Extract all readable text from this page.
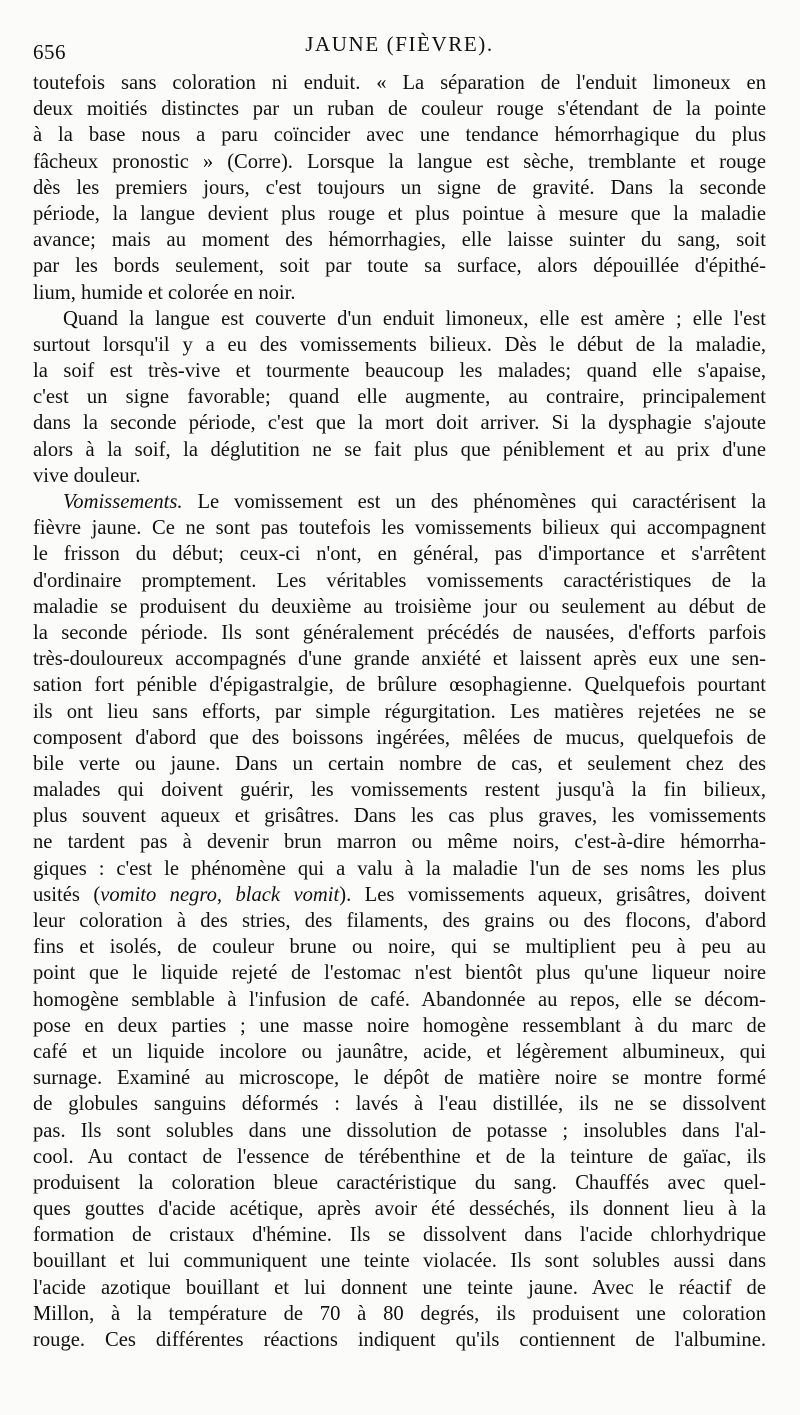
656	JAUNE (FIÈVRE).
toutefois sans coloration ni enduit. « La séparation de l'enduit limoneux en
deux moitiés distinctes par un ruban de couleur rouge s'étendant de la pointe
à la base nous a paru coïncider avec une tendance hémorrhagique du plus
fâcheux pronostic » (Corre). Lorsque la langue est sèche, tremblante et rouge
dès les premiers jours, c'est toujours un signe de gravité. Dans la seconde
période, la langue devient plus rouge et plus pointue à mesure que la maladie
avance; mais au moment des hémorrhagies, elle laisse suinter du sang, soit
par les bords seulement, soit par toute sa surface, alors dépouillée d'épithé-
lium, humide et colorée en noir.
Quand la langue est couverte d'un enduit limoneux, elle est amère ; elle l'est
surtout lorsqu'il y a eu des vomissements bilieux. Dès le début de la maladie,
la soif est très-vive et tourmente beaucoup les malades; quand elle s'apaise,
c'est un signe favorable; quand elle augmente, au contraire, principalement
dans la seconde période, c'est que la mort doit arriver. Si la dysphagie s'ajoute
alors à la soif, la déglutition ne se fait plus que péniblement et au prix d'une
vive douleur.
Vomissements. Le vomissement est un des phénomènes qui caractérisent la
fièvre jaune. Ce ne sont pas toutefois les vomissements bilieux qui accompagnent
le frisson du début; ceux-ci n'ont, en général, pas d'importance et s'arrêtent
d'ordinaire promptement. Les véritables vomissements caractéristiques de la
maladie se produisent du deuxième au troisième jour ou seulement au début de
la seconde période. Ils sont généralement précédés de nausées, d'efforts parfois
très-douloureux accompagnés d'une grande anxiété et laissent après eux une sen-
sation fort pénible d'épigastralgie, de brûlure œsophagienne. Quelquefois pourtant
ils ont lieu sans efforts, par simple régurgitation. Les matières rejetées ne se
composent d'abord que des boissons ingérées, mêlées de mucus, quelquefois de
bile verte ou jaune. Dans un certain nombre de cas, et seulement chez des
malades qui doivent guérir, les vomissements restent jusqu'à la fin bilieux,
plus souvent aqueux et grisâtres. Dans les cas plus graves, les vomissements
ne tardent pas à devenir brun marron ou même noirs, c'est-à-dire hémorrha-
giques : c'est le phénomène qui a valu à la maladie l'un de ses noms les plus
usités (vomito negro, black vomit). Les vomissements aqueux, grisâtres, doivent
leur coloration à des stries, des filaments, des grains ou des flocons, d'abord
fins et isolés, de couleur brune ou noire, qui se multiplient peu à peu au
point que le liquide rejeté de l'estomac n'est bientôt plus qu'une liqueur noire
homogène semblable à l'infusion de café. Abandonnée au repos, elle se décom-
pose en deux parties ; une masse noire homogène ressemblant à du marc de
café et un liquide incolore ou jaunâtre, acide, et légèrement albumineux, qui
surnage. Examiné au microscope, le dépôt de matière noire se montre formé
de globules sanguins déformés : lavés à l'eau distillée, ils ne se dissolvent
pas. Ils sont solubles dans une dissolution de potasse ; insolubles dans l'al-
cool. Au contact de l'essence de térébenthine et de la teinture de gaïac, ils
produisent la coloration bleue caractéristique du sang. Chauffés avec quel-
ques gouttes d'acide acétique, après avoir été desséchés, ils donnent lieu à la
formation de cristaux d'hémine. Ils se dissolvent dans l'acide chlorhydrique
bouillant et lui communiquent une teinte violacée. Ils sont solubles aussi dans
l'acide azotique bouillant et lui donnent une teinte jaune. Avec le réactif de
Millon, à la température de 70 à 80 degrés, ils produisent une coloration
rouge. Ces différentes réactions indiquent qu'ils contiennent de l'albumine.
